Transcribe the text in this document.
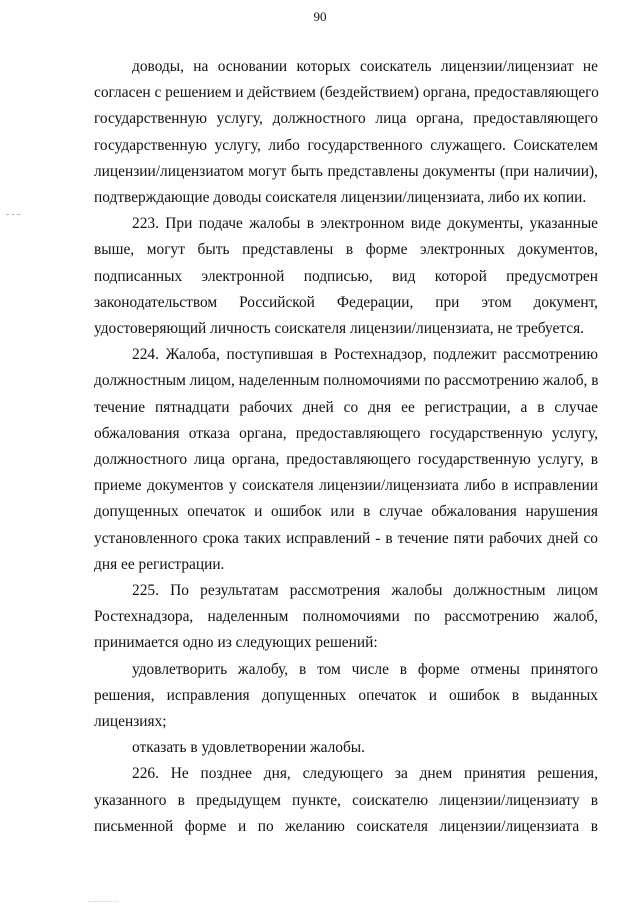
90
доводы, на основании которых соискатель лицензии/лицензиат не
согласен с решением и действием (бездействием) органа, предоставляющего
государственную услугу, должностного лица органа, предоставляющего
государственную услугу, либо государственного служащего. Соискателем
лицензии/лицензиатом могут быть представлены документы (при наличии),
подтверждающие доводы соискателя лицензии/лицензиата, либо их копии.
223. При подаче жалобы в электронном виде документы, указанные
выше, могут быть представлены в форме электронных документов,
подписанных электронной подписью, вид которой предусмотрен
законодательством Российской Федерации, при этом документ,
удостоверяющий личность соискателя лицензии/лицензиата, не требуется.
224. Жалоба, поступившая в Ростехнадзор, подлежит рассмотрению
должностным лицом, наделенным полномочиями по рассмотрению жалоб, в
течение пятнадцати рабочих дней со дня ее регистрации, а в случае
обжалования отказа органа, предоставляющего государственную услугу,
должностного лица органа, предоставляющего государственную услугу, в
приеме документов у соискателя лицензии/лицензиата либо в исправлении
допущенных опечаток и ошибок или в случае обжалования нарушения
установленного срока таких исправлений - в течение пяти рабочих дней со
дня ее регистрации.
225. По результатам рассмотрения жалобы должностным лицом
Ростехнадзора, наделенным полномочиями по рассмотрению жалоб,
принимается одно из следующих решений:
удовлетворить жалобу, в том числе в форме отмены принятого
решения, исправления допущенных опечаток и ошибок в выданных
лицензиях;
отказать в удовлетворении жалобы.
226. Не позднее дня, следующего за днем принятия решения,
указанного в предыдущем пункте, соискателю лицензии/лицензиату в
письменной форме и по желанию соискателя лицензии/лицензиата в
